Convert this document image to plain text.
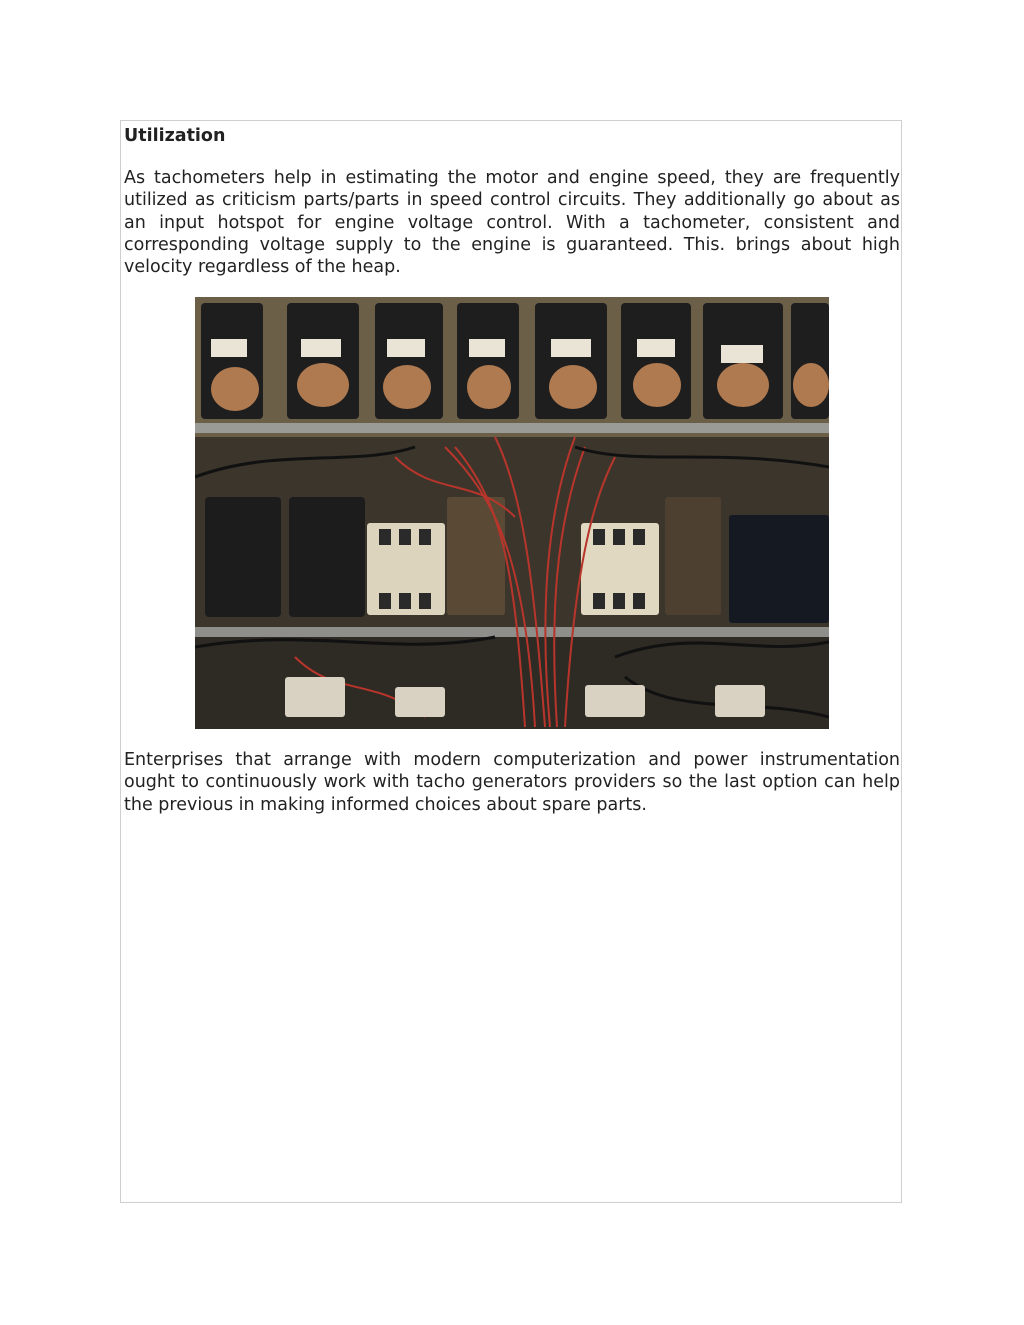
Utilization

As tachometers help in estimating the motor and engine speed, they are frequently utilized as criticism parts/parts in speed control circuits. They additionally go about as an input hotspot for engine voltage control. With a tachometer, consistent and corresponding voltage supply to the engine is guaranteed. This. brings about high velocity regardless of the heap.

Enterprises that arrange with modern computerization and power instrumentation ought to continuously work with tacho generators providers so the last option can help the previous in making informed choices about spare parts.
